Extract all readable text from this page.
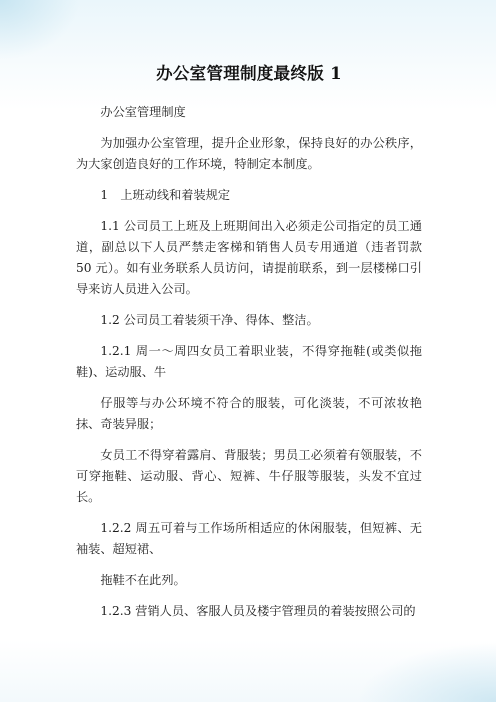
办公室管理制度最终版 1

办公室管理制度

为加强办公室管理，提升企业形象，保持良好的办公秩序，为大家创造良好的工作环境，特制定本制度。

1　上班动线和着装规定

1.1 公司员工上班及上班期间出入必须走公司指定的员工通道，副总以下人员严禁走客梯和销售人员专用通道（违者罚款 50 元）。如有业务联系人员访问，请提前联系，到一层楼梯口引导来访人员进入公司。

1.2 公司员工着装须干净、得体、整洁。

1.2.1 周一～周四女员工着职业装，不得穿拖鞋(或类似拖鞋)、运动服、牛

仔服等与办公环境不符合的服装，可化淡装，不可浓妆艳抹、奇装异服；

女员工不得穿着露肩、背服装；男员工必须着有领服装，不可穿拖鞋、运动服、背心、短裤、牛仔服等服装，头发不宜过长。

1.2.2 周五可着与工作场所相适应的休闲服装，但短裤、无袖装、超短裙、

拖鞋不在此列。

1.2.3 营销人员、客服人员及楼宇管理员的着装按照公司的
